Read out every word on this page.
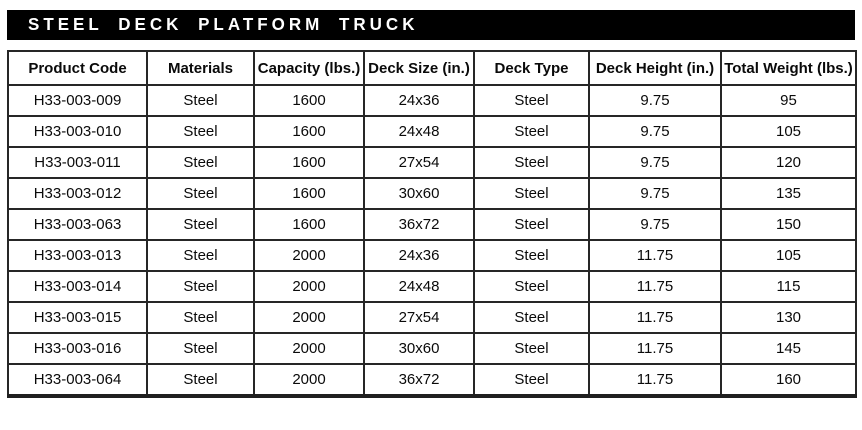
STEEL DECK PLATFORM TRUCK
Product Code	Materials	Capacity (lbs.)	Deck Size (in.)	Deck Type	Deck Height (in.)	Total Weight (lbs.)
H33-003-009	Steel	1600	24x36	Steel	9.75	95
H33-003-010	Steel	1600	24x48	Steel	9.75	105
H33-003-011	Steel	1600	27x54	Steel	9.75	120
H33-003-012	Steel	1600	30x60	Steel	9.75	135
H33-003-063	Steel	1600	36x72	Steel	9.75	150
H33-003-013	Steel	2000	24x36	Steel	11.75	105
H33-003-014	Steel	2000	24x48	Steel	11.75	115
H33-003-015	Steel	2000	27x54	Steel	11.75	130
H33-003-016	Steel	2000	30x60	Steel	11.75	145
H33-003-064	Steel	2000	36x72	Steel	11.75	160
